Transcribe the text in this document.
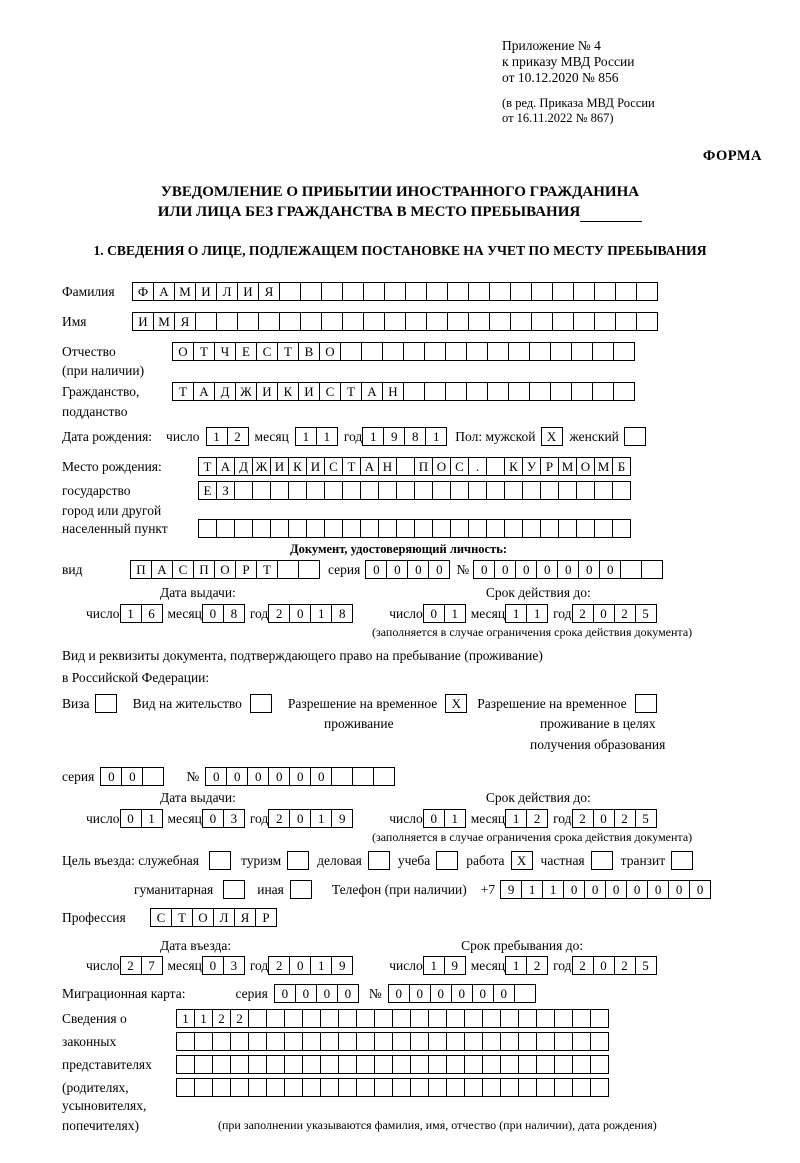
Приложение № 4
к приказу МВД России
от 10.12.2020 № 856
(в ред. Приказа МВД России
от 16.11.2022 № 867)
ФОРМА
УВЕДОМЛЕНИЕ О ПРИБЫТИИ ИНОСТРАННОГО ГРАЖДАНИНА
ИЛИ ЛИЦА БЕЗ ГРАЖДАНСТВА В МЕСТО ПРЕБЫВАНИЯ
1. СВЕДЕНИЯ О ЛИЦЕ, ПОДЛЕЖАЩЕМ ПОСТАНОВКЕ НА УЧЕТ ПО МЕСТУ ПРЕБЫВАНИЯ
Фамилия	Ф А М И Л И Я
Имя	И М Я
Отчество	О Т Ч Е С Т В О
(при наличии)
Гражданство,	Т А Д Ж И К И С Т А Н
подданство
Дата рождения: число	1	2	месяц	1	1	год 1	9	8	1	Пол: мужской X женский
Место рождения:	Т А Д Ж И К И С Т А Н	П О С .	К У Р М О М Б
государство	Е З
город или другой
населенный пункт
Документ, удостоверяющий личность:
вид	П А С П О Р	Т	серия 0	0	0	0	№ 0	0	0	0	0	0	0
Дата выдачи:	Срок действия до:
число 1	6 месяц 0	8 год 2	0	1	8	число 0	1 месяц 1	1 год 2	0	2	5
(заполняется в случае ограничения срока действия документа)
Вид и реквизиты документа, подтверждающего право на пребывание (проживание)
в Российской Федерации:
Виза	Вид на жительство	Разрешение на временное	X	Разрешение на временное
проживание	проживание в целях
получения образования
серия	0	0	№	0	0	0	0	0	0
Дата выдачи:	Срок действия до:
число 0	1 месяц 0	3 год 2	0	1	9	число 0	1 месяц 1	2 год 2	0	2	5
(заполняется в случае ограничения срока действия документа)
Цель въезда: служебная	туризм	деловая	учеба	работа X	частная	транзит
гуманитарная	иная	Телефон (при наличии) +7 9	1	1	0	0	0	0	0	0	0
Профессия	С Т О Л Я	Р
Дата въезда:	Срок пребывания до:
число 2	7 месяц 0	3 год 2	0	1	9	число 1	9 месяц 1	2 год 2	0	2	5
Миграционная карта:	серия	0	0	0	0	№	0	0	0	0	0	0
Сведения о	1 1 2 2
законных
представителях
(родителях,
усыновителях,
попечителях)	(при заполнении указываются фамилия, имя, отчество (при наличии), дата рождения)
